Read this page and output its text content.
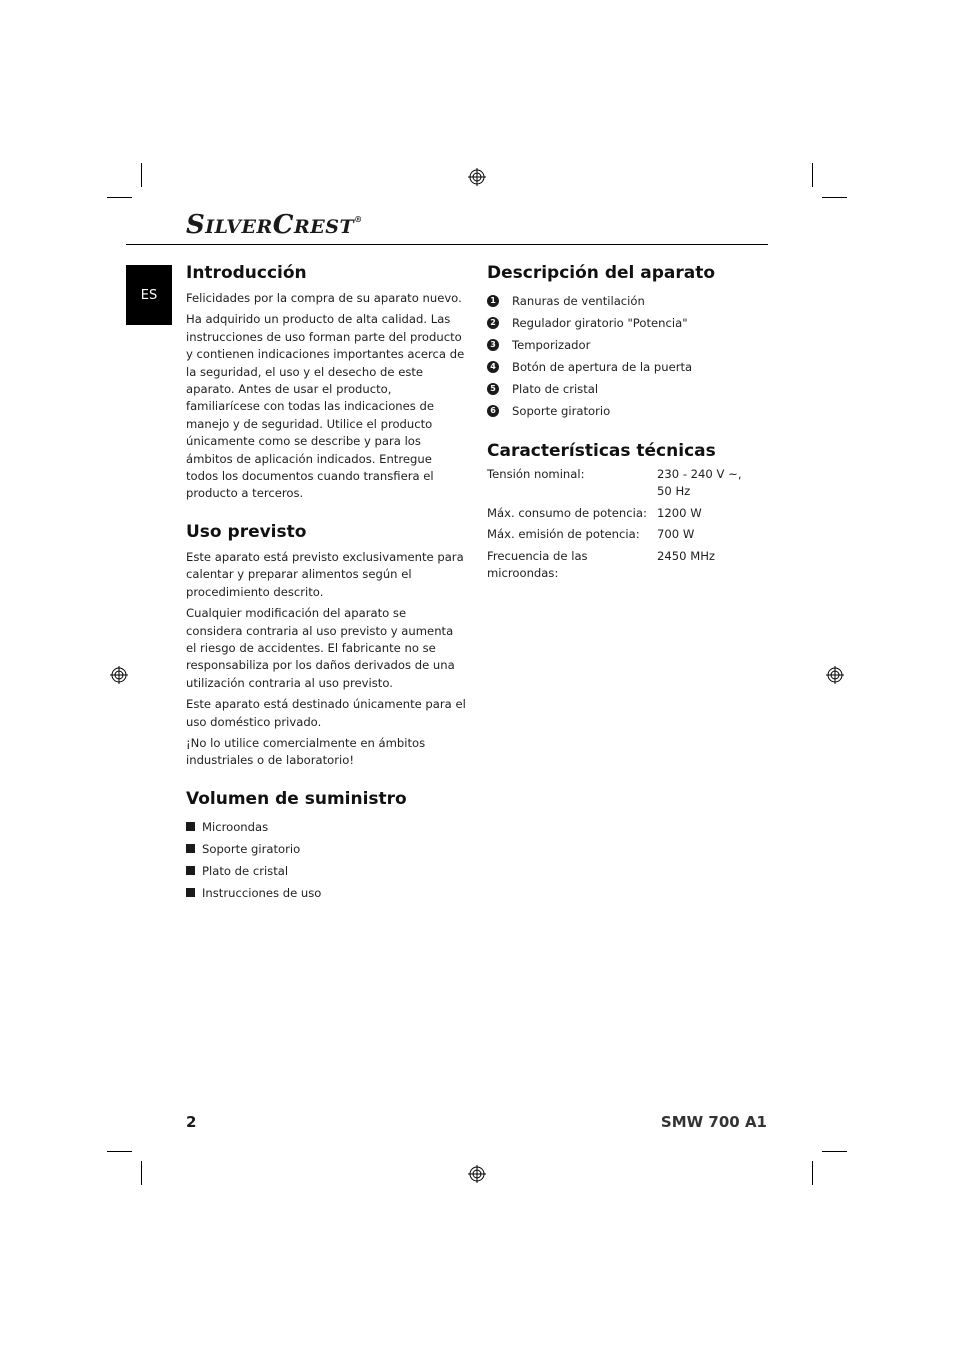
SILVERCREST®
ES
Introducción

Felicidades por la compra de su aparato nuevo.

Ha adquirido un producto de alta calidad. Las instrucciones de uso forman parte del producto y contienen indicaciones importantes acerca de la seguridad, el uso y el desecho de este aparato. Antes de usar el producto, familiarícese con todas las indicaciones de manejo y de seguridad. Utilice el producto únicamente como se describe y para los ámbitos de aplicación indicados. Entregue todos los documentos cuando transfiera el producto a terceros.

Uso previsto

Este aparato está previsto exclusivamente para calentar y preparar alimentos según el procedimiento descrito.

Cualquier modificación del aparato se considera contraria al uso previsto y aumenta el riesgo de accidentes. El fabricante no se responsabiliza por los daños derivados de una utilización contraria al uso previsto.

Este aparato está destinado únicamente para el uso doméstico privado.

¡No lo utilice comercialmente en ámbitos industriales o de laboratorio!

Volumen de suministro
Microondas
Soporte giratorio
Plato de cristal
Instrucciones de uso
Descripción del aparato
1 Ranuras de ventilación
2 Regulador giratorio "Potencia"
3 Temporizador
4 Botón de apertura de la puerta
5 Plato de cristal
6 Soporte giratorio
Características técnicas
Tensión nominal:	230 - 240 V ~,
50 Hz
Máx. consumo de potencia:	1200 W
Máx. emisión de potencia:	700 W
Frecuencia de las microondas:	2450 MHz
2	SMW 700 A1
